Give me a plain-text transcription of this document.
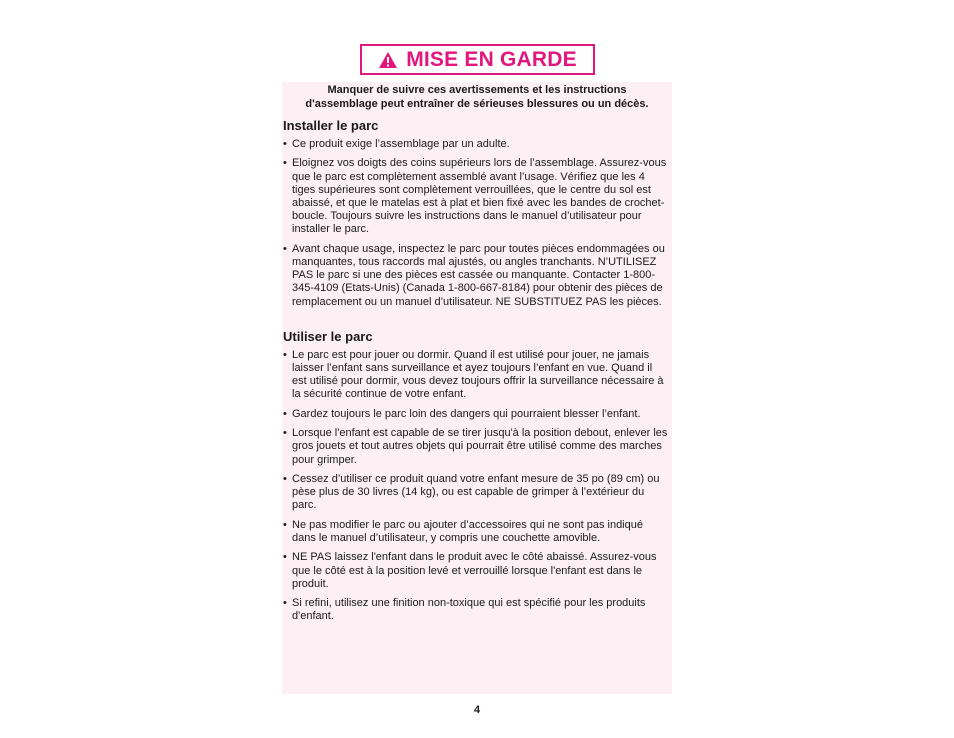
MISE EN GARDE
Manquer de suivre ces avertissements et les instructions
d'assemblage peut entraîner de sérieuses blessures ou un décès.
Installer le parc
• Ce produit exige l’assemblage par un adulte.
• Eloignez vos doigts des coins supérieurs lors de l’assemblage. Assurez-vous que le parc est complètement assemblé avant l’usage. Vérifiez que les 4 tiges supérieures sont complètement verrouillées, que le centre du sol est abaissé, et que le matelas est à plat et bien fixé avec les bandes de crochet-boucle. Toujours suivre les instructions dans le manuel d’utilisateur pour installer le parc.
• Avant chaque usage, inspectez le parc pour toutes pièces endommagées ou manquantes, tous raccords mal ajustés, ou angles tranchants. N’UTILISEZ PAS le parc si une des pièces est cassée ou manquante. Contacter 1-800-345-4109 (Etats-Unis) (Canada 1-800-667-8184) pour obtenir des pièces de remplacement ou un manuel d’utilisateur. NE SUBSTITUEZ PAS les pièces.
Utiliser le parc
• Le parc est pour jouer ou dormir. Quand il est utilisé pour jouer, ne jamais laisser l’enfant sans surveillance et ayez toujours l’enfant en vue. Quand il est utilisé pour dormir, vous devez toujours offrir la surveillance nécessaire à la sécurité continue de votre enfant.
• Gardez toujours le parc loin des dangers qui pourraient blesser l’enfant.
• Lorsque l'enfant est capable de se tirer jusqu'à la position debout, enlever les gros jouets et tout autres objets qui pourrait être utilisé comme des marches pour grimper.
• Cessez d’utiliser ce produit quand votre enfant mesure de 35 po (89 cm) ou pèse plus de 30 livres (14 kg), ou est capable de grimper à l’extérieur du parc.
• Ne pas modifier le parc ou ajouter d’accessoires qui ne sont pas indiqué dans le manuel d’utilisateur, y compris une couchette amovible.
• NE PAS laissez l'enfant dans le produit avec le côté abaissé. Assurez-vous que le côté est à la position levé et verrouillé lorsque l'enfant est dans le produit.
• Si refini, utilisez une finition non-toxique qui est spécifié pour les produits d'enfant.
4
